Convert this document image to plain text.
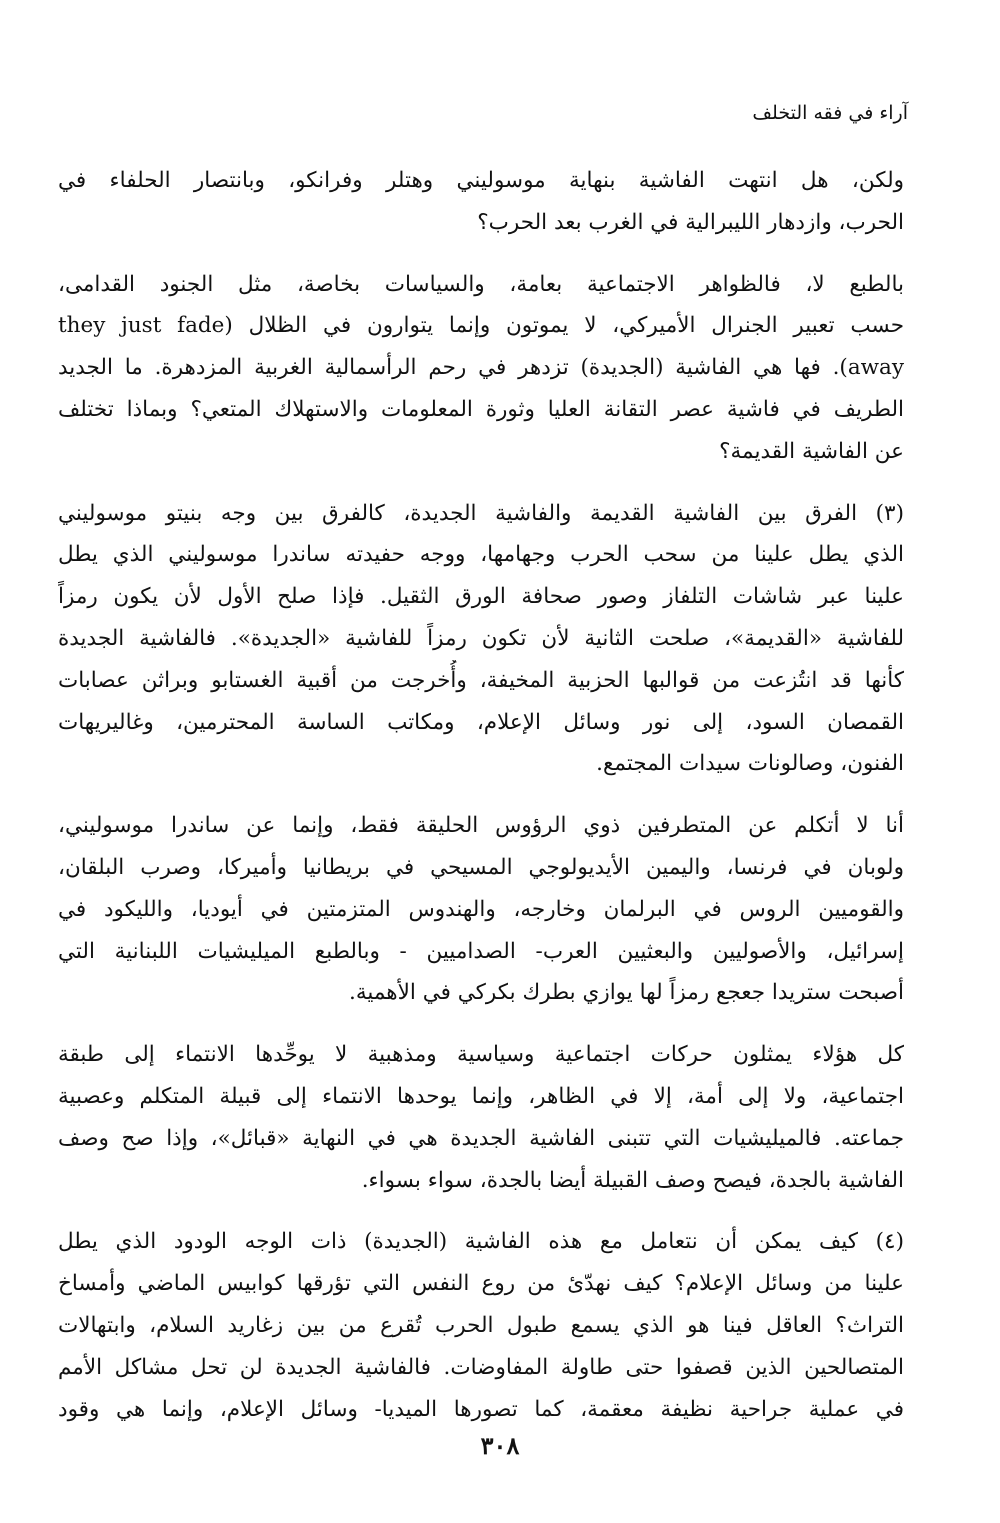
آراء في فقه التخلف
ولكن، هل انتهت الفاشية بنهاية موسوليني وهتلر وفرانكو، وبانتصار الحلفاء في
الحرب، وازدهار الليبرالية في الغرب بعد الحرب؟
بالطبع لا، فالظواهر الاجتماعية بعامة، والسياسات بخاصة، مثل الجنود القدامى،
حسب تعبير الجنرال الأميركي، لا يموتون وإنما يتوارون في الظلال (they just fade
away). فها هي الفاشية (الجديدة) تزدهر في رحم الرأسمالية الغربية المزدهرة. ما الجديد
الطريف في فاشية عصر التقانة العليا وثورة المعلومات والاستهلاك المتعي؟ وبماذا تختلف
عن الفاشية القديمة؟
(٣) الفرق بين الفاشية القديمة والفاشية الجديدة، كالفرق بين وجه بنيتو موسوليني
الذي يطل علينا من سحب الحرب وجهامها، ووجه حفيدته ساندرا موسوليني الذي يطل
علينا عبر شاشات التلفاز وصور صحافة الورق الثقيل. فإذا صلح الأول لأن يكون رمزاً
للفاشية «القديمة»، صلحت الثانية لأن تكون رمزاً للفاشية «الجديدة». فالفاشية الجديدة
كأنها قد انتُزعت من قوالبها الحزبية المخيفة، وأُخرجت من أقبية الغستابو وبراثن عصابات
القمصان السود، إلى نور وسائل الإعلام، ومكاتب الساسة المحترمين، وغاليريهات
الفنون، وصالونات سيدات المجتمع.
أنا لا أتكلم عن المتطرفين ذوي الرؤوس الحليقة فقط، وإنما عن ساندرا موسوليني،
ولوبان في فرنسا، واليمين الأيديولوجي المسيحي في بريطانيا وأميركا، وصرب البلقان،
والقوميين الروس في البرلمان وخارجه، والهندوس المتزمتين في أيوديا، والليكود في
إسرائيل، والأصوليين والبعثيين العرب- الصداميين - وبالطبع الميليشيات اللبنانية التي
أصبحت ستريدا جعجع رمزاً لها يوازي بطرك بكركي في الأهمية.
كل هؤلاء يمثلون حركات اجتماعية وسياسية ومذهبية لا يوحِّدها الانتماء إلى طبقة
اجتماعية، ولا إلى أمة، إلا في الظاهر، وإنما يوحدها الانتماء إلى قبيلة المتكلم وعصبية
جماعته. فالميليشيات التي تتبنى الفاشية الجديدة هي في النهاية «قبائل»، وإذا صح وصف
الفاشية بالجدة، فيصح وصف القبيلة أيضا بالجدة، سواء بسواء.
(٤) كيف يمكن أن نتعامل مع هذه الفاشية (الجديدة) ذات الوجه الودود الذي يطل
علينا من وسائل الإعلام؟ كيف نهدّئ من روع النفس التي تؤرقها كوابيس الماضي وأمساخ
التراث؟ العاقل فينا هو الذي يسمع طبول الحرب تُقرع من بين زغاريد السلام، وابتهالات
المتصالحين الذين قصفوا حتى طاولة المفاوضات. فالفاشية الجديدة لن تحل مشاكل الأمم
في عملية جراحية نظيفة معقمة، كما تصورها الميديا- وسائل الإعلام، وإنما هي وقود
٣٠٨
